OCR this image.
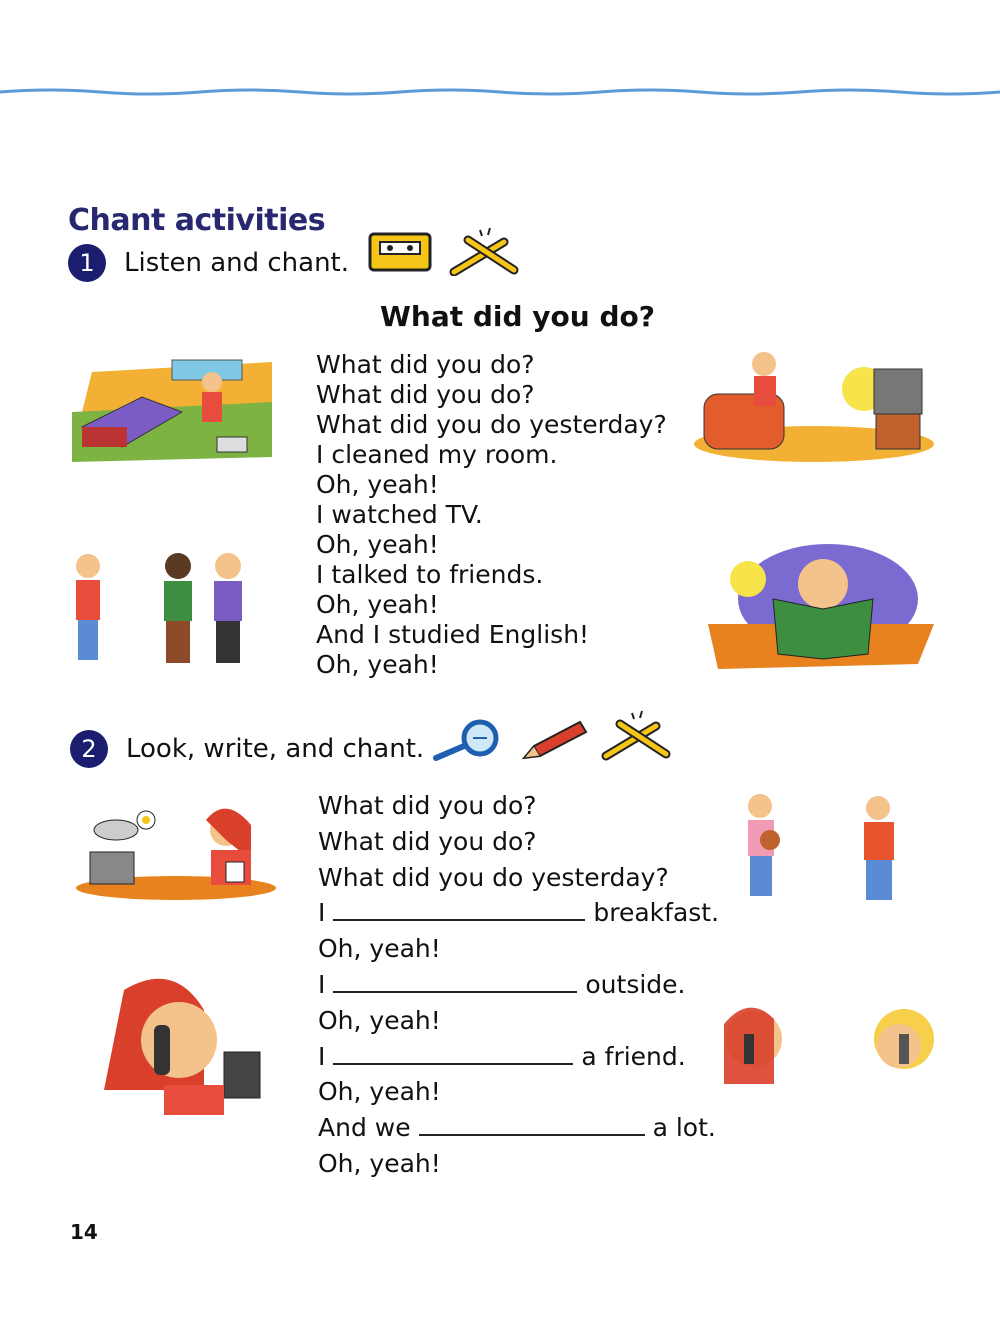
Chant activities
1	Listen and chant.
What did you do?
What did you do?
What did you do?
What did you do yesterday?
I cleaned my room.
Oh, yeah!
I watched TV.
Oh, yeah!
I talked to friends.
Oh, yeah!
And I studied English!
Oh, yeah!
2	Look, write, and chant.
What did you do?
What did you do?
What did you do yesterday?
I	breakfast.
Oh, yeah!
I	outside.
Oh, yeah!
I	a friend.
Oh, yeah!
And we	a lot.
Oh, yeah!
14
